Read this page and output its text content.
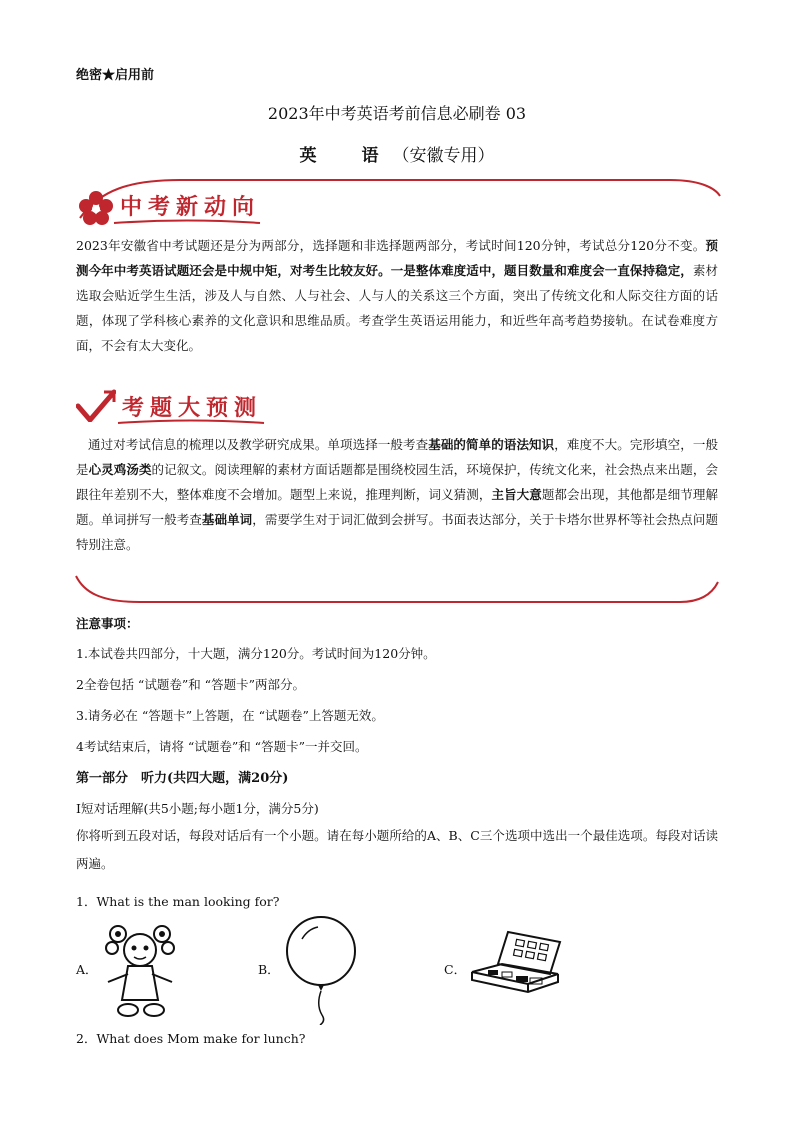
绝密★启用前
2023年中考英语考前信息必刷卷 03
英　语（安徽专用）
中考新动向
2023年安徽省中考试题还是分为两部分，选择题和非选择题两部分，考试时间120分钟，考试总分120分不变。预测今年中考英语试题还会是中规中矩，对考生比较友好。一是整体难度适中，题目数量和难度会一直保持稳定，素材选取会贴近学生生活，涉及人与自然、人与社会、人与人的关系这三个方面，突出了传统文化和人际交往方面的话题，体现了学科核心素养的文化意识和思维品质。考查学生英语运用能力，和近些年高考趋势接轨。在试卷难度方面，不会有太大变化。
考题大预测
通过对考试信息的梳理以及教学研究成果。单项选择一般考查基础的简单的语法知识，难度不大。完形填空，一般是心灵鸡汤类的记叙文。阅读理解的素材方面话题都是围绕校园生活，环境保护，传统文化来，社会热点来出题，会跟往年差别不大，整体难度不会增加。题型上来说，推理判断，词义猜测，主旨大意题都会出现，其他都是细节理解题。单词拼写一般考查基础单词，需要学生对于词汇做到会拼写。书面表达部分，关于卡塔尔世界杯等社会热点问题特别注意。
注意事项：
1.本试卷共四部分，十大题，满分120分。考试时间为120分钟。
2全卷包括 “试题卷”和 “答题卡”两部分。
3.请务必在 “答题卡”上答题，在 “试题卷”上答题无效。
4考试结束后，请将 “试题卷”和 “答题卡”一并交回。
第一部分　听力(共四大题，满20分)
Ⅰ短对话理解(共5小题;每小题1分，满分5分)
你将听到五段对话，每段对话后有一个小题。请在每小题所给的A、B、C三个选项中选出一个最佳选项。每段对话读两遍。
1．What is the man looking for?
A．	B．	C．
2．What does Mom make for lunch?
